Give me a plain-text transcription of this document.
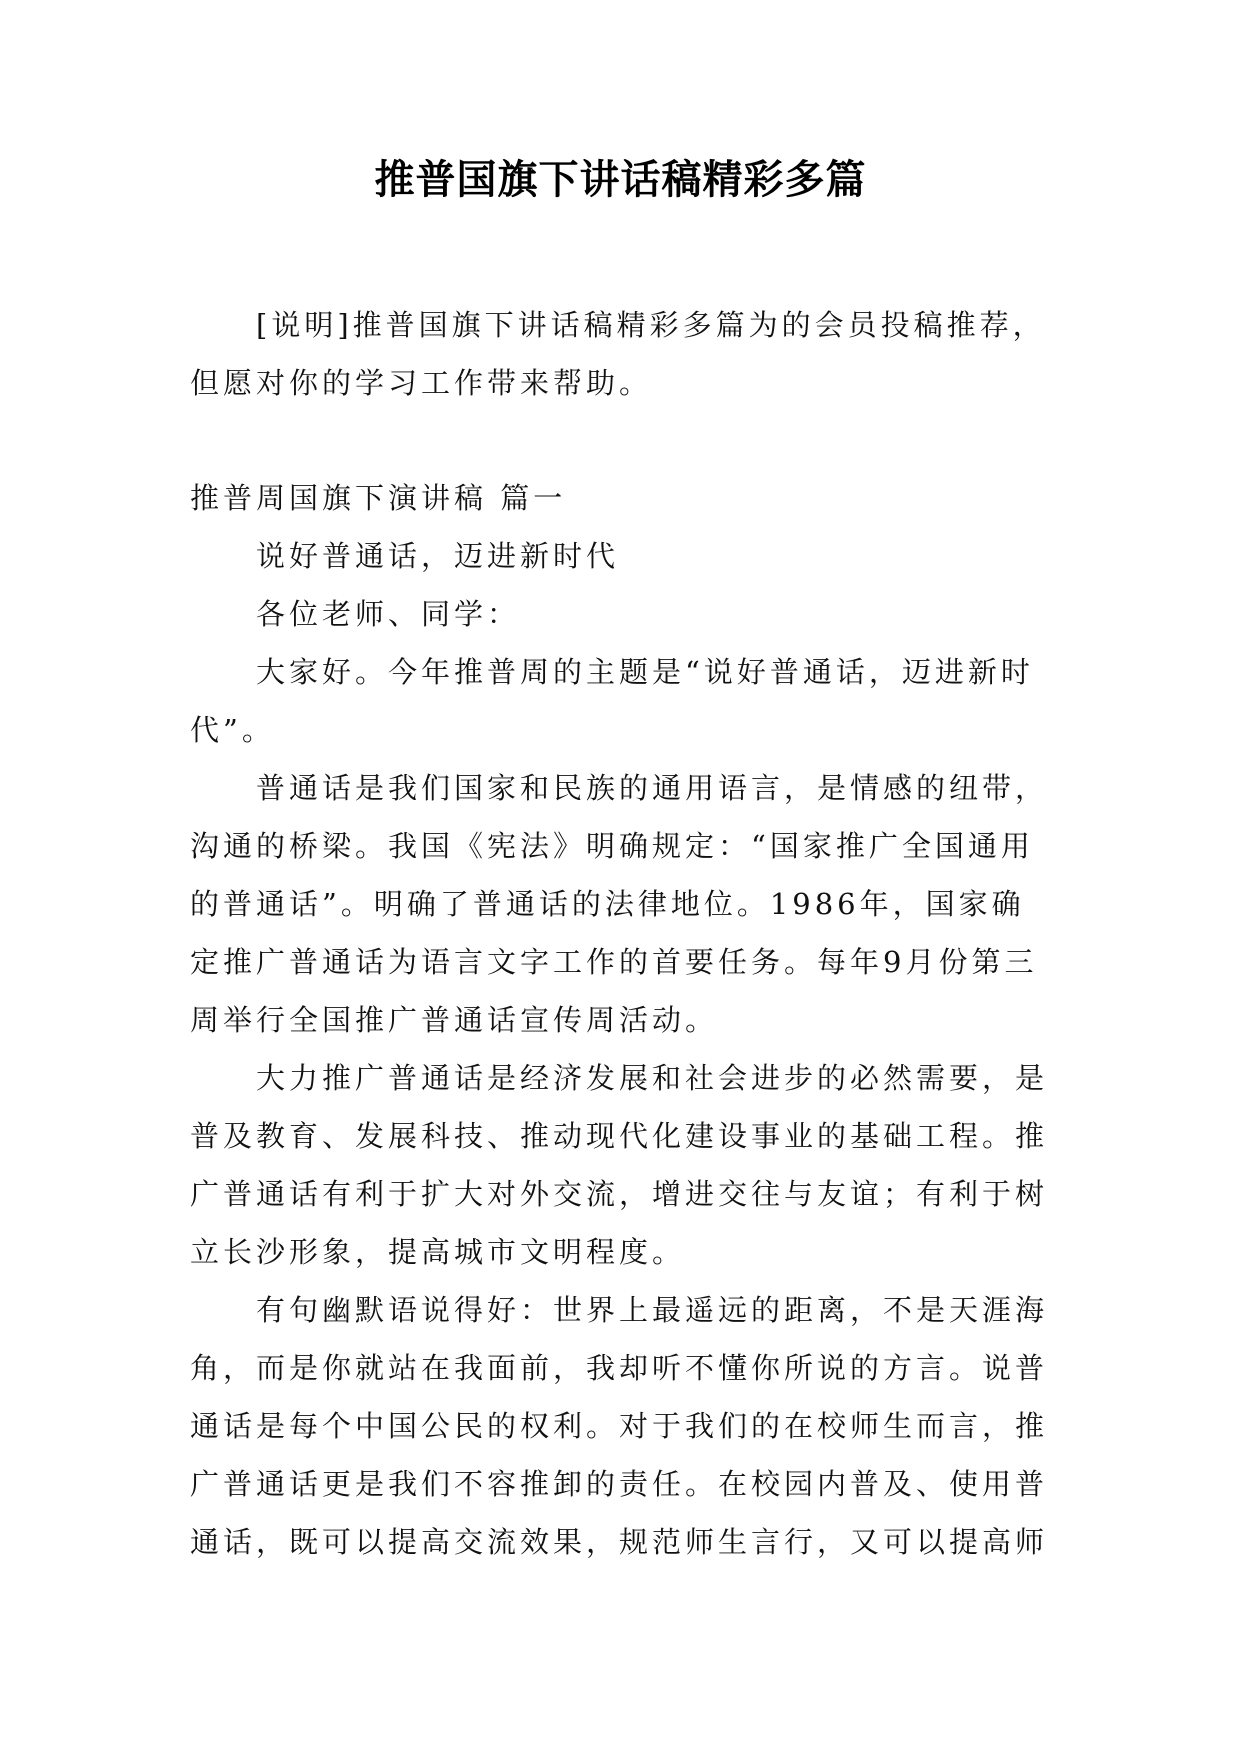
推普国旗下讲话稿精彩多篇

[说明]推普国旗下讲话稿精彩多篇为的会员投稿推荐，但愿对你的学习工作带来帮助。

推普周国旗下演讲稿 篇一

说好普通话，迈进新时代

各位老师、同学：

大家好。今年推普周的主题是“说好普通话，迈进新时代”。

普通话是我们国家和民族的通用语言，是情感的纽带，沟通的桥梁。我国《宪法》明确规定：“国家推广全国通用的普通话”。明确了普通话的法律地位。1986年，国家确定推广普通话为语言文字工作的首要任务。每年9月份第三周举行全国推广普通话宣传周活动。

大力推广普通话是经济发展和社会进步的必然需要，是普及教育、发展科技、推动现代化建设事业的基础工程。推广普通话有利于扩大对外交流，增进交往与友谊；有利于树立长沙形象，提高城市文明程度。

有句幽默语说得好：世界上最遥远的距离，不是天涯海角，而是你就站在我面前，我却听不懂你所说的方言。说普通话是每个中国公民的权利。对于我们的在校师生而言，推广普通话更是我们不容推卸的责任。在校园内普及、使用普通话，既可以提高交流效果，规范师生言行，又可以提高师
